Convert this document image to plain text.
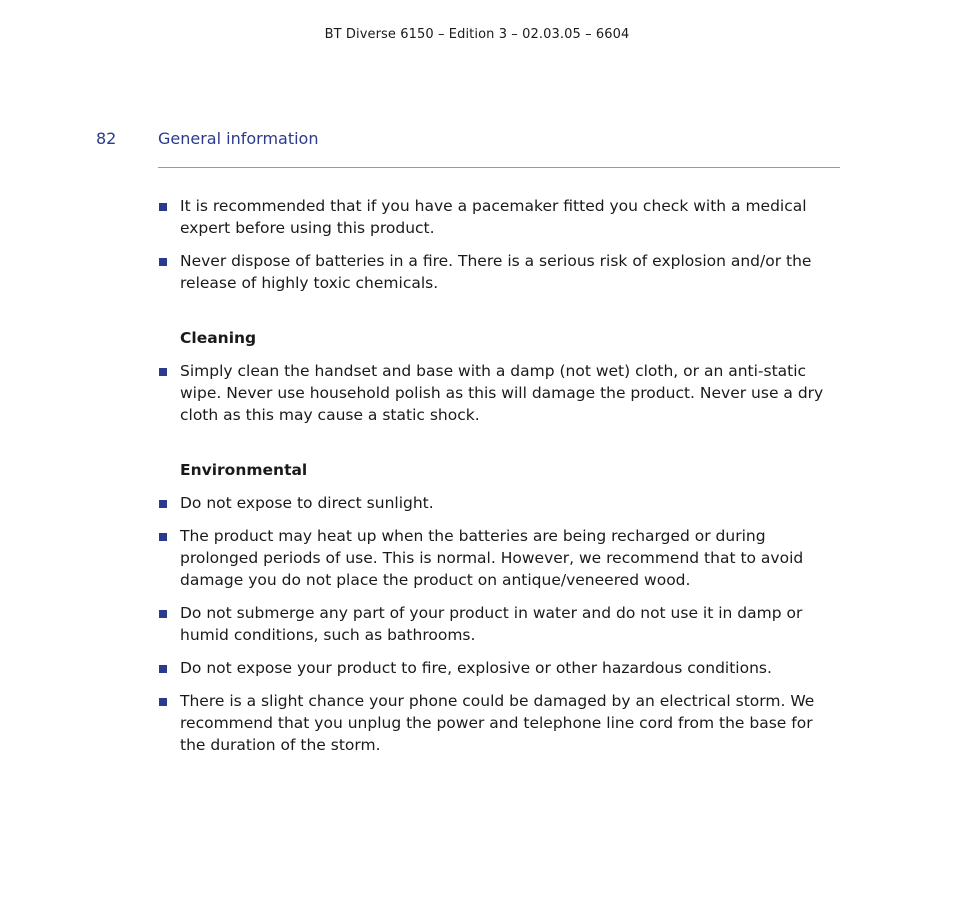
BT Diverse 6150 – Edition 3 – 02.03.05 – 6604
82	General information
It is recommended that if you have a pacemaker fitted you check with a medical expert before using this product.
Never dispose of batteries in a fire. There is a serious risk of explosion and/or the release of highly toxic chemicals.
Cleaning
Simply clean the handset and base with a damp (not wet) cloth, or an anti-static wipe. Never use household polish as this will damage the product. Never use a dry cloth as this may cause a static shock.
Environmental
Do not expose to direct sunlight.
The product may heat up when the batteries are being recharged or during prolonged periods of use. This is normal. However, we recommend that to avoid damage you do not place the product on antique/veneered wood.
Do not submerge any part of your product in water and do not use it in damp or humid conditions, such as bathrooms.
Do not expose your product to fire, explosive or other hazardous conditions.
There is a slight chance your phone could be damaged by an electrical storm. We recommend that you unplug the power and telephone line cord from the base for the duration of the storm.
